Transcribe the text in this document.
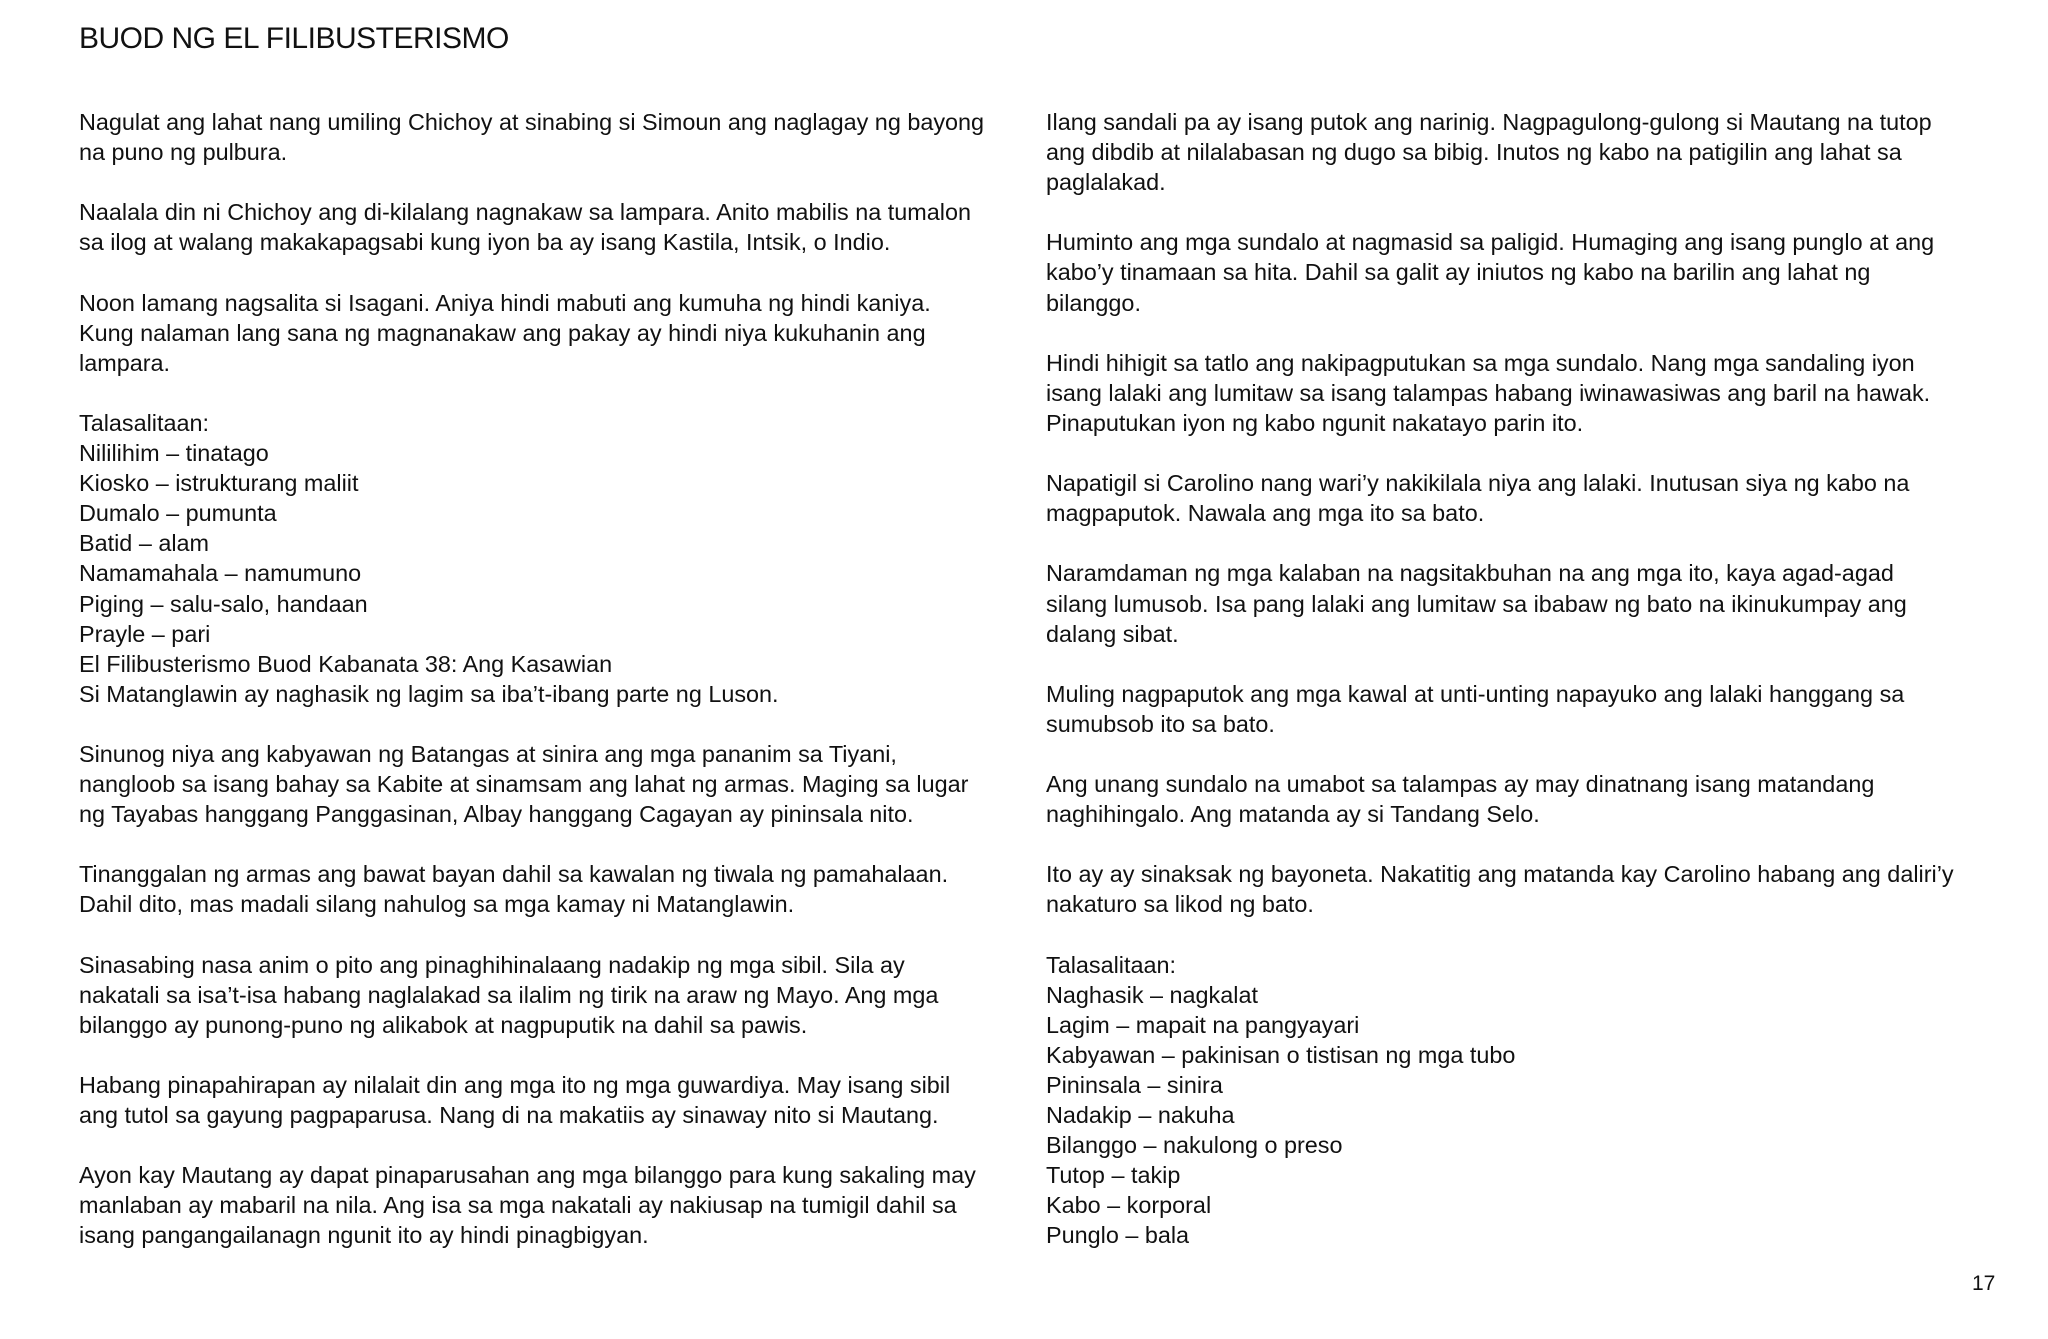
BUOD NG EL FILIBUSTERISMO

Nagulat ang lahat nang umiling Chichoy at sinabing si Simoun ang naglagay ng bayong
na puno ng pulbura.

Naalala din ni Chichoy ang di-kilalang nagnakaw sa lampara. Anito mabilis na tumalon
sa ilog at walang makakapagsabi kung iyon ba ay isang Kastila, Intsik, o Indio.

Noon lamang nagsalita si Isagani. Aniya hindi mabuti ang kumuha ng hindi kaniya.
Kung nalaman lang sana ng magnanakaw ang pakay ay hindi niya kukuhanin ang
lampara.

Talasalitaan:
Nililihim – tinatago
Kiosko – istrukturang maliit
Dumalo – pumunta
Batid – alam
Namamahala – namumuno
Piging – salu-salo, handaan
Prayle – pari
El Filibusterismo Buod Kabanata 38: Ang Kasawian
Si Matanglawin ay naghasik ng lagim sa iba’t-ibang parte ng Luson.

Sinunog niya ang kabyawan ng Batangas at sinira ang mga pananim sa Tiyani,
nangloob sa isang bahay sa Kabite at sinamsam ang lahat ng armas. Maging sa lugar
ng Tayabas hanggang Panggasinan, Albay hanggang Cagayan ay pininsala nito.

Tinanggalan ng armas ang bawat bayan dahil sa kawalan ng tiwala ng pamahalaan.
Dahil dito, mas madali silang nahulog sa mga kamay ni Matanglawin.

Sinasabing nasa anim o pito ang pinaghihinalaang nadakip ng mga sibil. Sila ay
nakatali sa isa’t-isa habang naglalakad sa ilalim ng tirik na araw ng Mayo. Ang mga
bilanggo ay punong-puno ng alikabok at nagpuputik na dahil sa pawis.

Habang pinapahirapan ay nilalait din ang mga ito ng mga guwardiya. May isang sibil
ang tutol sa gayung pagpaparusa. Nang di na makatiis ay sinaway nito si Mautang.

Ayon kay Mautang ay dapat pinaparusahan ang mga bilanggo para kung sakaling may
manlaban ay mabaril na nila. Ang isa sa mga nakatali ay nakiusap na tumigil dahil sa
isang pangangailanagn ngunit ito ay hindi pinagbigyan.

Ilang sandali pa ay isang putok ang narinig. Nagpagulong-gulong si Mautang na tutop
ang dibdib at nilalabasan ng dugo sa bibig. Inutos ng kabo na patigilin ang lahat sa
paglalakad.

Huminto ang mga sundalo at nagmasid sa paligid. Humaging ang isang punglo at ang
kabo’y tinamaan sa hita. Dahil sa galit ay iniutos ng kabo na barilin ang lahat ng
bilanggo.

Hindi hihigit sa tatlo ang nakipagputukan sa mga sundalo. Nang mga sandaling iyon
isang lalaki ang lumitaw sa isang talampas habang iwinawasiwas ang baril na hawak.
Pinaputukan iyon ng kabo ngunit nakatayo parin ito.

Napatigil si Carolino nang wari’y nakikilala niya ang lalaki. Inutusan siya ng kabo na
magpaputok. Nawala ang mga ito sa bato.

Naramdaman ng mga kalaban na nagsitakbuhan na ang mga ito, kaya agad-agad
silang lumusob. Isa pang lalaki ang lumitaw sa ibabaw ng bato na ikinukumpay ang
dalang sibat.

Muling nagpaputok ang mga kawal at unti-unting napayuko ang lalaki hanggang sa
sumubsob ito sa bato.

Ang unang sundalo na umabot sa talampas ay may dinatnang isang matandang
naghihingalo. Ang matanda ay si Tandang Selo.

Ito ay ay sinaksak ng bayoneta. Nakatitig ang matanda kay Carolino habang ang daliri’y
nakaturo sa likod ng bato.

Talasalitaan:
Naghasik – nagkalat
Lagim – mapait na pangyayari
Kabyawan – pakinisan o tistisan ng mga tubo
Pininsala – sinira
Nadakip – nakuha
Bilanggo – nakulong o preso
Tutop – takip
Kabo – korporal
Punglo – bala
17
